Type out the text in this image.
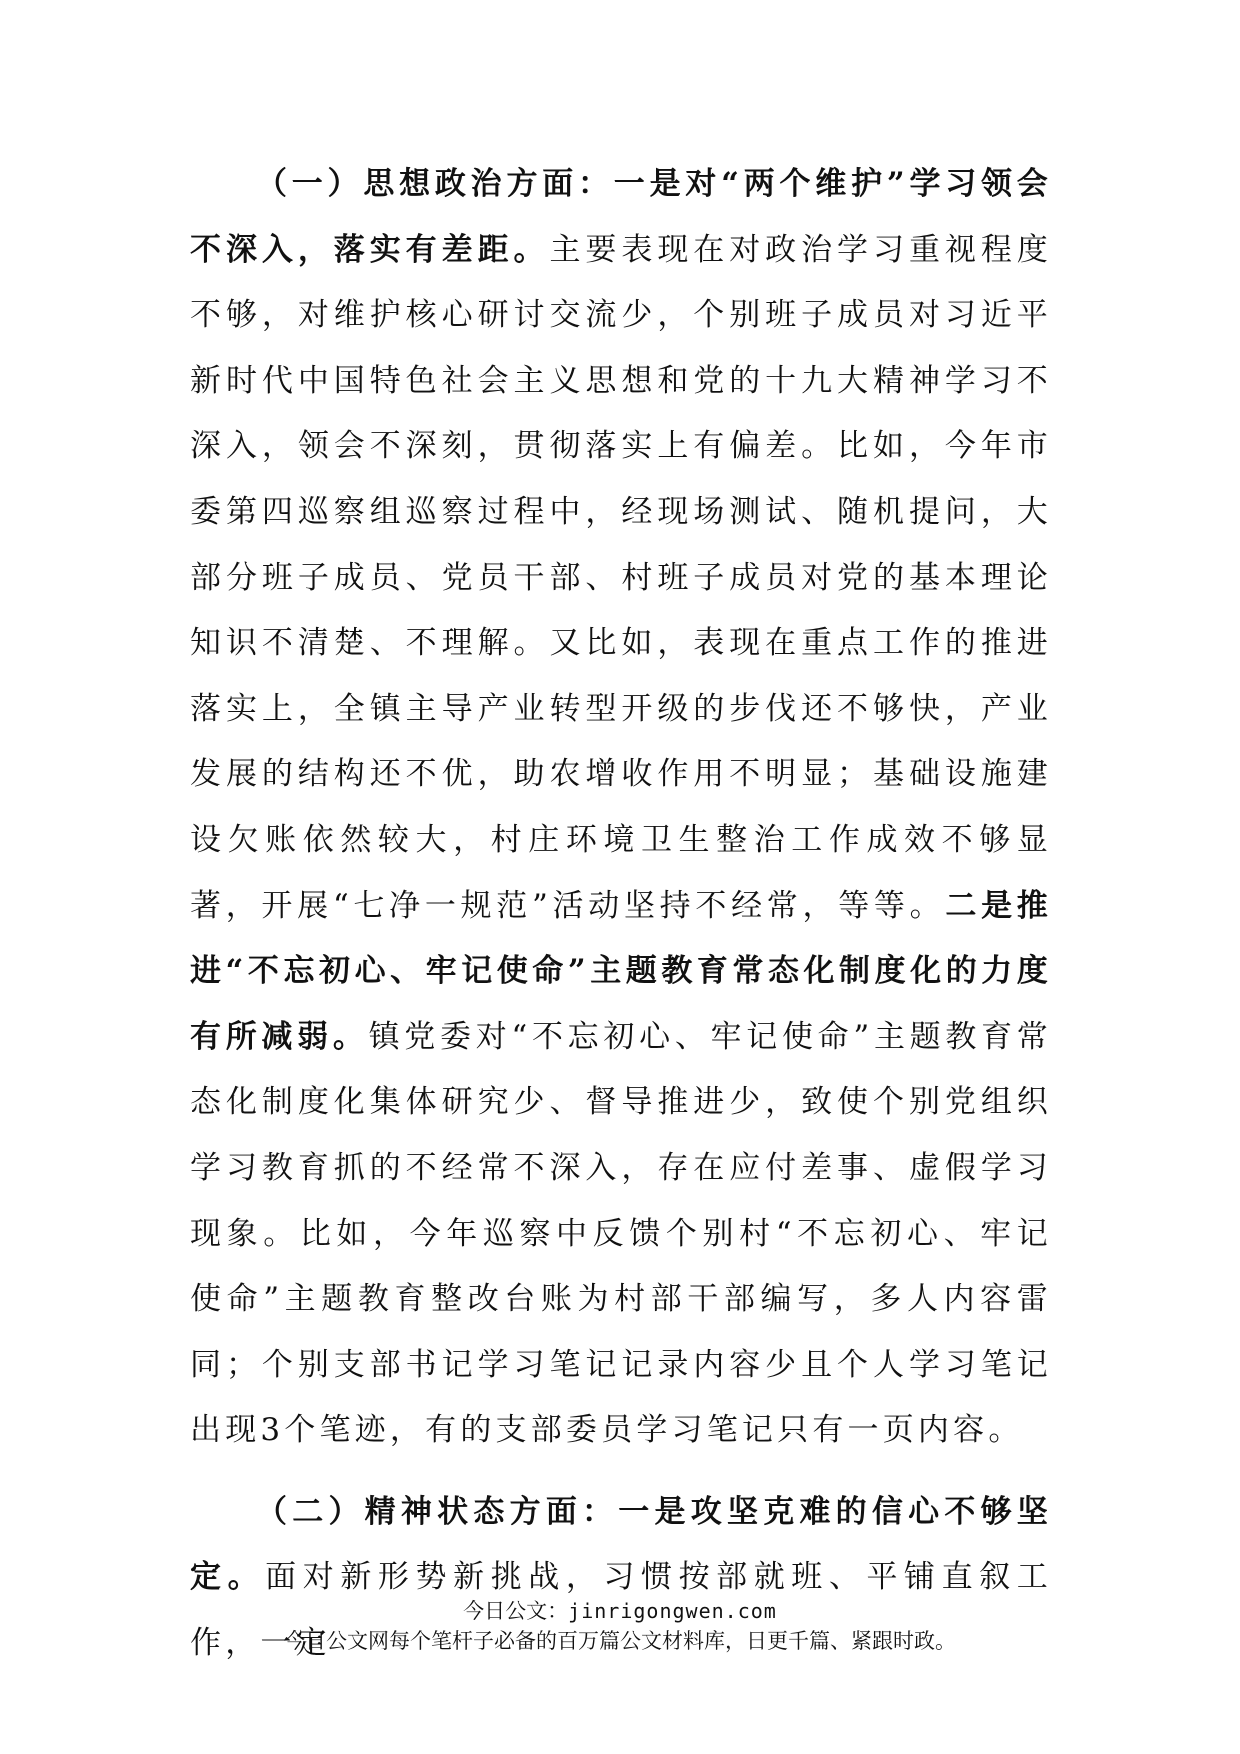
（一）思想政治方面：一是对“两个维护”学习领会不深入，落实有差距。主要表现在对政治学习重视程度不够，对维护核心研讨交流少，个别班子成员对习近平新时代中国特色社会主义思想和党的十九大精神学习不深入，领会不深刻，贯彻落实上有偏差。比如，今年市委第四巡察组巡察过程中，经现场测试、随机提问，大部分班子成员、党员干部、村班子成员对党的基本理论知识不清楚、不理解。又比如，表现在重点工作的推进落实上，全镇主导产业转型开级的步伐还不够快，产业发展的结构还不优，助农增收作用不明显；基础设施建设欠账依然较大，村庄环境卫生整治工作成效不够显著，开展“七净一规范”活动坚持不经常，等等。二是推进“不忘初心、牢记使命”主题教育常态化制度化的力度有所减弱。镇党委对“不忘初心、牢记使命”主题教育常态化制度化集体研究少、督导推进少，致使个别党组织学习教育抓的不经常不深入，存在应付差事、虚假学习现象。比如，今年巡察中反馈个别村“不忘初心、牢记使命”主题教育整改台账为村部干部编写，多人内容雷同；个别支部书记学习笔记记录内容少且个人学习笔记出现3个笔迹，有的支部委员学习笔记只有一页内容。

（二）精神状态方面：一是攻坚克难的信心不够坚定。面对新形势新挑战，习惯按部就班、平铺直叙工作，一定

今日公文：jinrigongwen.com
今日公文网每个笔杆子必备的百万篇公文材料库，日更千篇、紧跟时政。
